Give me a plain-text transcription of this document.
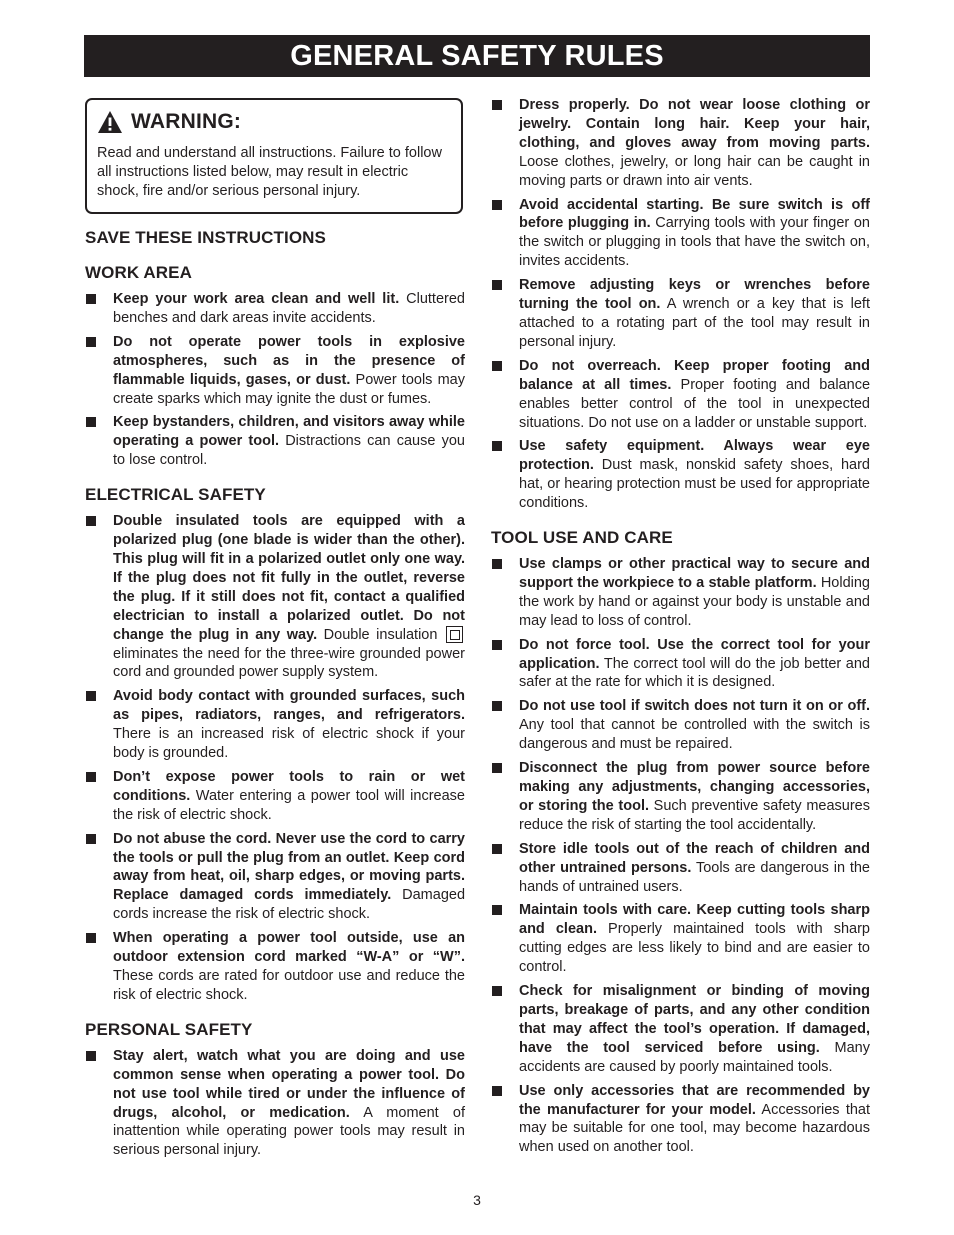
GENERAL SAFETY RULES
WARNING:

Read and understand all instructions. Failure to follow all instructions listed below, may result in electric shock, fire and/or serious personal injury.

SAVE THESE INSTRUCTIONS
WORK AREA
Keep your work area clean and well lit. Cluttered benches and dark areas invite accidents.
Do not operate power tools in explosive atmospheres, such as in the presence of flammable liquids, gases, or dust. Power tools may create sparks which may ignite the dust or fumes.
Keep bystanders, children, and visitors away while operating a power tool. Distractions can cause you to lose control.
ELECTRICAL SAFETY
Double insulated tools are equipped with a polarized plug (one blade is wider than the other). This plug will fit in a polarized outlet only one way. If the plug does not fit fully in the outlet, reverse the plug. If it still does not fit, contact a qualified electrician to install a polarized outlet. Do not change the plug in any way. Double insulation  eliminates the need for the three-wire grounded power cord and grounded power supply system.
Avoid body contact with grounded surfaces, such as pipes, radiators, ranges, and refrigerators. There is an increased risk of electric shock if your body is grounded.
Don’t expose power tools to rain or wet conditions. Water entering a power tool will increase the risk of electric shock.
Do not abuse the cord. Never use the cord to carry the tools or pull the plug from an outlet. Keep cord away from heat, oil, sharp edges, or moving parts. Replace damaged cords immediately. Damaged cords increase the risk of electric shock.
When operating a power tool outside, use an outdoor extension cord marked “W-A” or “W”. These cords are rated for outdoor use and reduce the risk of electric shock.
PERSONAL SAFETY
Stay alert, watch what you are doing and use common sense when operating a power tool. Do not use tool while tired or under the influence of drugs, alcohol, or medication. A moment of inattention while operating power tools may result in serious personal injury.
Dress properly. Do not wear loose clothing or jewelry. Contain long hair. Keep your hair, clothing, and gloves away from moving parts. Loose clothes, jewelry, or long hair can be caught in moving parts or drawn into air vents.
Avoid accidental starting. Be sure switch is off before plugging in. Carrying tools with your finger on the switch or plugging in tools that have the switch on, invites accidents.
Remove adjusting keys or wrenches before turning the tool on. A wrench or a key that is left attached to a rotating part of the tool may result in personal injury.
Do not overreach. Keep proper footing and balance at all times. Proper footing and balance enables better control of the tool in unexpected situations. Do not use on a ladder or unstable support.
Use safety equipment. Always wear eye protection. Dust mask, nonskid safety shoes, hard hat, or hearing protection must be used for appropriate conditions.
TOOL USE AND CARE
Use clamps or other practical way to secure and support the workpiece to a stable platform. Holding the work by hand or against your body is unstable and may lead to loss of control.
Do not force tool. Use the correct tool for your application. The correct tool will do the job better and safer at the rate for which it is designed.
Do not use tool if switch does not turn it on or off. Any tool that cannot be controlled with the switch is dangerous and must be repaired.
Disconnect the plug from power source before making any adjustments, changing accessories, or storing the tool. Such preventive safety measures reduce the risk of starting the tool accidentally.
Store idle tools out of the reach of children and other untrained persons. Tools are dangerous in the hands of untrained users.
Maintain tools with care. Keep cutting tools sharp and clean. Properly maintained tools with sharp cutting edges are less likely to bind and are easier to control.
Check for misalignment or binding of moving parts, breakage of parts, and any other condition that may affect the tool’s operation. If damaged, have the tool serviced before using. Many accidents are caused by poorly maintained tools.
Use only accessories that are recommended by the manufacturer for your model. Accessories that may be suitable for one tool, may become hazardous when used on another tool.
3
